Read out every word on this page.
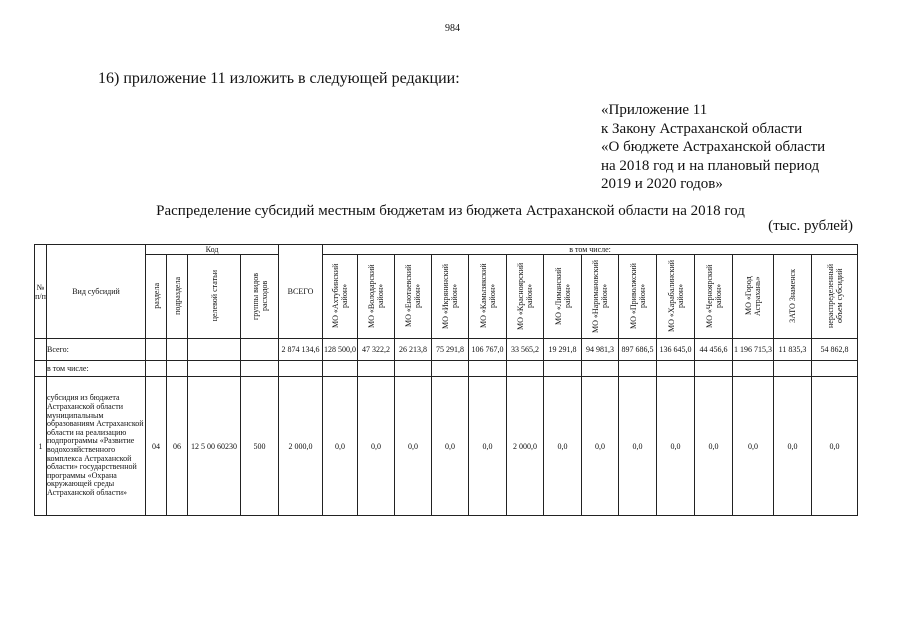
984
16) приложение 11 изложить в следующей редакции:
«Приложение 11
к Закону Астраханской области
«О бюджете Астраханской области
на 2018 год и на плановый период
2019 и 2020 годов»
Распределение субсидий местным бюджетам из бюджета Астраханской области на 2018 год
(тыс. рублей)
№ п/п	Вид субсидий	Код				ВСЕГО	в том числе:													
		раздела	подраздела	целевой статьи	группы видов расходов		МО «Ахтубинский район»	МО «Володарский район»	МО «Енотаевский район»	МО «Икрянинский район»	МО «Камызякский район»	МО «Красноярский район»	МО «Лиманский район»	МО «Наримановский район»	МО «Приволжский район»	МО «Харабалинский район»	МО «Черноярский район»	МО «Город Астрахань»	ЗАТО Знаменск	нераспределенный объем субсидий
	Всего:					2 874 134,6	128 500,0	47 322,2	26 213,8	75 291,8	106 767,0	33 565,2	19 291,8	94 981,3	897 686,5	136 645,0	44 456,6	1 196 715,3	11 835,3	54 862,8
	в том числе:																			
1	субсидия из бюджета Астраханской области муниципальным образованиям Астраханской области на реализацию подпрограммы «Развитие водохозяйственного комплекса Астраханской области» государственной программы «Охрана окружающей среды Астраханской области»	04	06	12 5 00 60230	500	2 000,0	0,0	0,0	0,0	0,0	0,0	2 000,0	0,0	0,0	0,0	0,0	0,0	0,0	0,0	0,0
